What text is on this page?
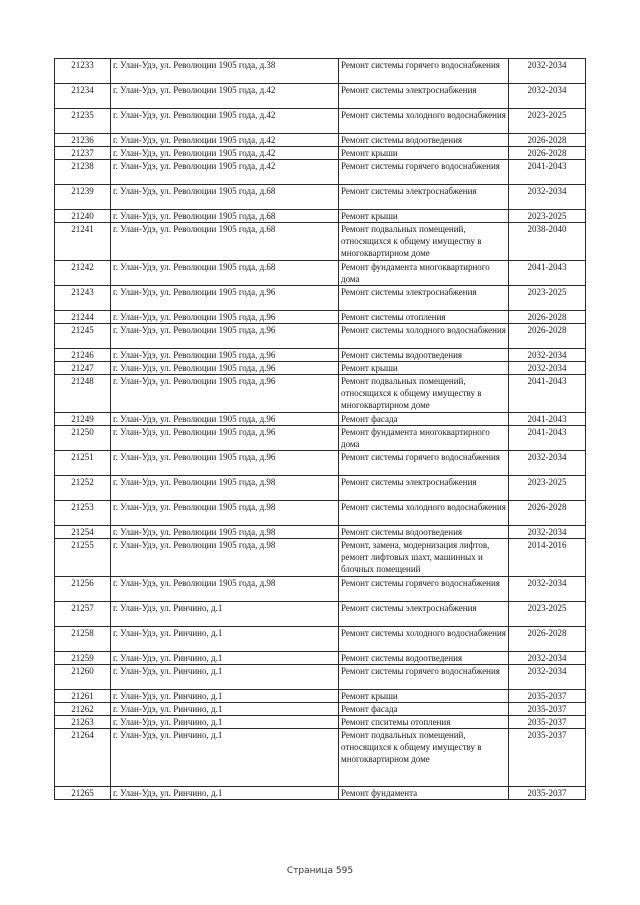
21233	г. Улан-Удэ, ул. Революции 1905 года, д.38	Ремонт системы горячего водоснабжения	2032-2034
21234	г. Улан-Удэ, ул. Революции 1905 года, д.42	Ремонт системы электроснабжения	2032-2034
21235	г. Улан-Удэ, ул. Революции 1905 года, д.42	Ремонт системы холодного водоснабжения	2023-2025
21236	г. Улан-Удэ, ул. Революции 1905 года, д.42	Ремонт системы водоотведения	2026-2028
21237	г. Улан-Удэ, ул. Революции 1905 года, д.42	Ремонт крыши	2026-2028
21238	г. Улан-Удэ, ул. Революции 1905 года, д.42	Ремонт системы горячего водоснабжения	2041-2043
21239	г. Улан-Удэ, ул. Революции 1905 года, д.68	Ремонт системы электроснабжения	2032-2034
21240	г. Улан-Удэ, ул. Революции 1905 года, д.68	Ремонт крыши	2023-2025
21241	г. Улан-Удэ, ул. Революции 1905 года, д.68	Ремонт подвальных помещений, относящихся к общему имуществу в многоквартирном доме	2038-2040
21242	г. Улан-Удэ, ул. Революции 1905 года, д.68	Ремонт фундамента многоквартирного дома	2041-2043
21243	г. Улан-Удэ, ул. Революции 1905 года, д.96	Ремонт системы электроснабжения	2023-2025
21244	г. Улан-Удэ, ул. Революции 1905 года, д.96	Ремонт системы отопления	2026-2028
21245	г. Улан-Удэ, ул. Революции 1905 года, д.96	Ремонт системы холодного водоснабжения	2026-2028
21246	г. Улан-Удэ, ул. Революции 1905 года, д.96	Ремонт системы водоотведения	2032-2034
21247	г. Улан-Удэ, ул. Революции 1905 года, д.96	Ремонт крыши	2032-2034
21248	г. Улан-Удэ, ул. Революции 1905 года, д.96	Ремонт подвальных помещений, относящихся к общему имуществу в многоквартирном доме	2041-2043
21249	г. Улан-Удэ, ул. Революции 1905 года, д.96	Ремонт фасада	2041-2043
21250	г. Улан-Удэ, ул. Революции 1905 года, д.96	Ремонт фундамента многоквартирного дома	2041-2043
21251	г. Улан-Удэ, ул. Революции 1905 года, д.96	Ремонт системы горячего водоснабжения	2032-2034
21252	г. Улан-Удэ, ул. Революции 1905 года, д.98	Ремонт системы электроснабжения	2023-2025
21253	г. Улан-Удэ, ул. Революции 1905 года, д.98	Ремонт системы холодного водоснабжения	2026-2028
21254	г. Улан-Удэ, ул. Революции 1905 года, д.98	Ремонт системы водоотведения	2032-2034
21255	г. Улан-Удэ, ул. Революции 1905 года, д.98	Ремонт, замена, модернизация лифтов, ремонт лифтовых шахт, машинных и блочных помещений	2014-2016
21256	г. Улан-Удэ, ул. Революции 1905 года, д.98	Ремонт системы горячего водоснабжения	2032-2034
21257	г. Улан-Удэ, ул. Ринчино, д.1	Ремонт системы электроснабжения	2023-2025
21258	г. Улан-Удэ, ул. Ринчино, д.1	Ремонт системы холодного водоснабжения	2026-2028
21259	г. Улан-Удэ, ул. Ринчино, д.1	Ремонт системы водоотведения	2032-2034
21260	г. Улан-Удэ, ул. Ринчино, д.1	Ремонт системы горячего водоснабжения	2032-2034
21261	г. Улан-Удэ, ул. Ринчино, д.1	Ремонт крыши	2035-2037
21262	г. Улан-Удэ, ул. Ринчино, д.1	Ремонт фасада	2035-2037
21263	г. Улан-Удэ, ул. Ринчино, д.1	Ремонт спситемы отопления	2035-2037
21264	г. Улан-Удэ, ул. Ринчино, д.1	Ремонт подвальных помещений, относящихся к общему имуществу в многоквартирном доме	2035-2037
21265	г. Улан-Удэ, ул. Ринчино, д.1	Ремонт фундамента	2035-2037
Страница 595
